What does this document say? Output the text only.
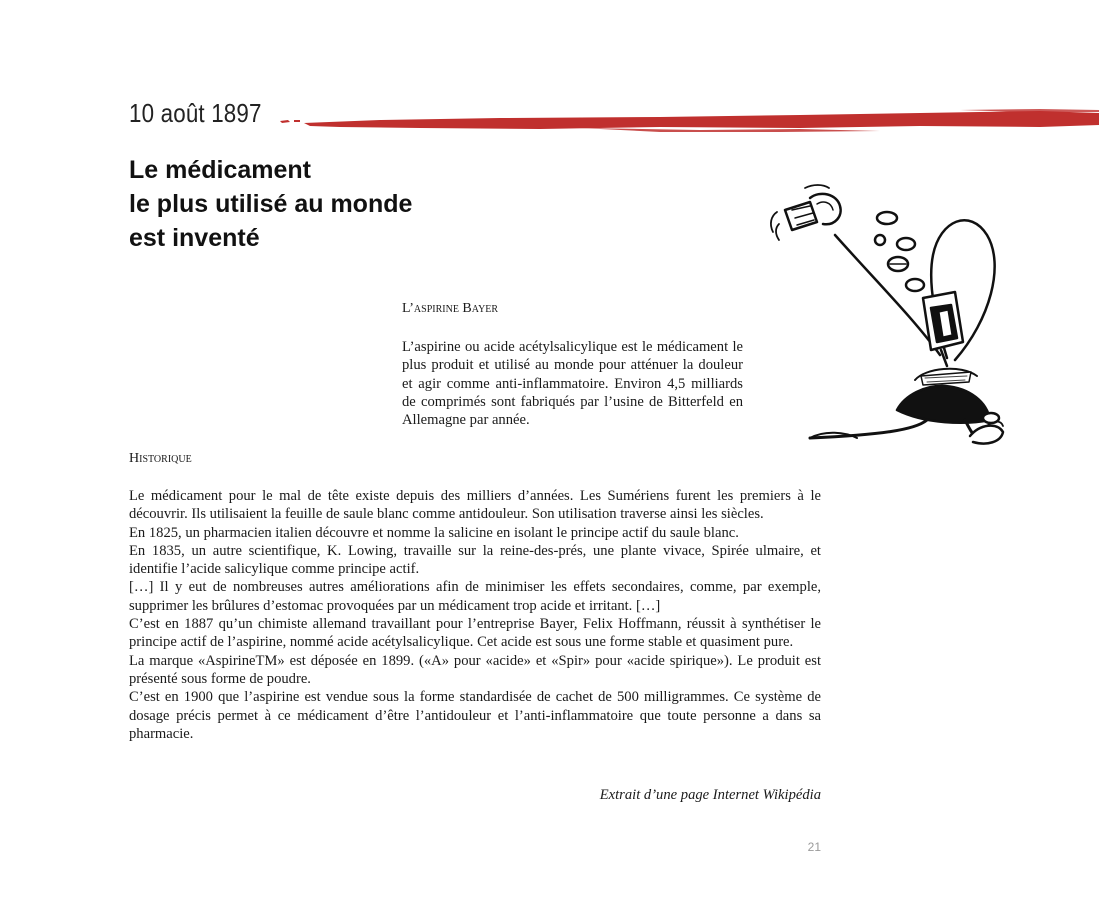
10 août 1897
Le médicament
le plus utilisé au monde
est inventé
L’aspirine Bayer

L’aspirine ou acide acétylsalicylique est le médicament le plus produit et utilisé au monde pour atténuer la douleur et agir comme anti-inflammatoire. Environ 4,5 milliards de comprimés sont fabriqués par l’usine de Bitterfeld en Allemagne par année.

Historique

Le médicament pour le mal de tête existe depuis des milliers d’années. Les Sumériens furent les premiers à le découvrir. Ils utilisaient la feuille de saule blanc comme antidouleur. Son utilisation traverse ainsi les siècles.

En 1825, un pharmacien italien découvre et nomme la salicine en isolant le principe actif du saule blanc.

En 1835, un autre scientifique, K. Lowing, travaille sur la reine-des-prés, une plante vivace, Spirée ulmaire, et identifie l’acide salicylique comme principe actif.

[…] Il y eut de nombreuses autres améliorations afin de minimiser les effets secondaires, comme, par exemple, supprimer les brûlures d’estomac provoquées par un médicament trop acide et irritant. […]

C’est en 1887 qu’un chimiste allemand travaillant pour l’entreprise Bayer, Felix Hoffmann, réussit à synthétiser le principe actif de l’aspirine, nommé acide acétylsalicylique. Cet acide est sous une forme stable et quasiment pure.

La marque «AspirineTM» est déposée en 1899. («A» pour «acide» et «Spir» pour «acide spirique»). Le produit est présenté sous forme de poudre.

C’est en 1900 que l’aspirine est vendue sous la forme standardisée de cachet de 500 milligrammes. Ce système de dosage précis permet à ce médicament d’être l’antidouleur et l’anti-inflammatoire que toute personne a dans sa pharmacie.

Extrait d’une page Internet Wikipédia

21
